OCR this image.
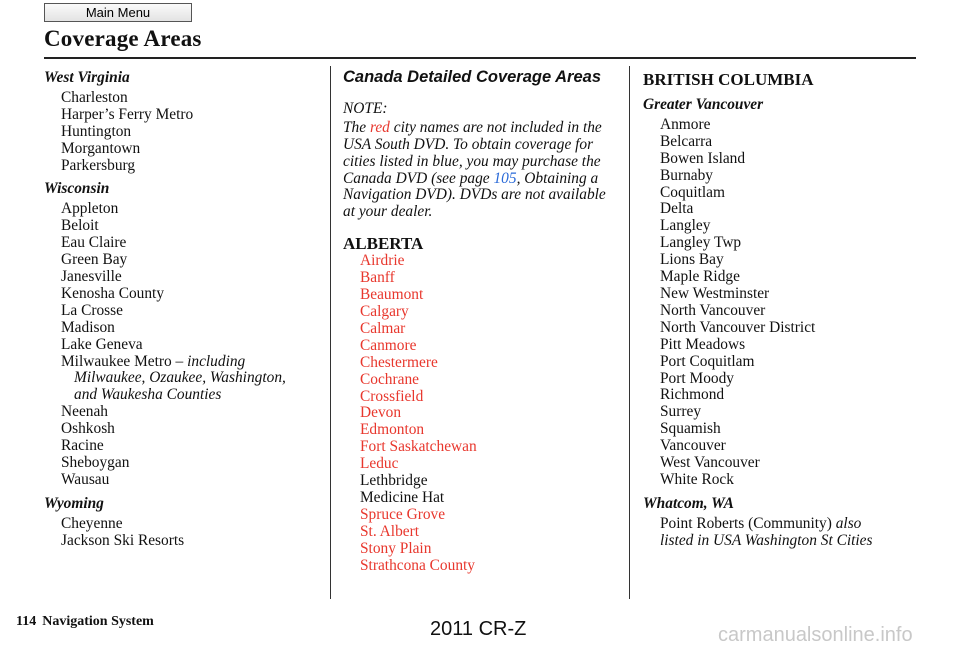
Main Menu
Coverage Areas
West Virginia
Charleston
Harper’s Ferry Metro
Huntington
Morgantown
Parkersburg
Wisconsin
Appleton
Beloit
Eau Claire
Green Bay
Janesville
Kenosha County
La Crosse
Madison
Lake Geneva
Milwaukee Metro – including
Milwaukee, Ozaukee, Washington,
and Waukesha Counties
Neenah
Oshkosh
Racine
Sheboygan
Wausau
Wyoming
Cheyenne
Jackson Ski Resorts
Canada Detailed Coverage Areas
NOTE:
The red city names are not included in the USA South DVD. To obtain coverage for cities listed in blue, you may purchase the Canada DVD (see page 105, Obtaining a Navigation DVD). DVDs are not available at your dealer.
ALBERTA
Airdrie
Banff
Beaumont
Calgary
Calmar
Canmore
Chestermere
Cochrane
Crossfield
Devon
Edmonton
Fort Saskatchewan
Leduc
Lethbridge
Medicine Hat
Spruce Grove
St. Albert
Stony Plain
Strathcona County
BRITISH COLUMBIA
Greater Vancouver
Anmore
Belcarra
Bowen Island
Burnaby
Coquitlam
Delta
Langley
Langley Twp
Lions Bay
Maple Ridge
New Westminster
North Vancouver
North Vancouver District
Pitt Meadows
Port Coquitlam
Port Moody
Richmond
Surrey
Squamish
Vancouver
West Vancouver
White Rock
Whatcom, WA
Point Roberts (Community) also
listed in USA Washington St Cities
114 Navigation System	2011 CR-Z	carmanualsonline.info
